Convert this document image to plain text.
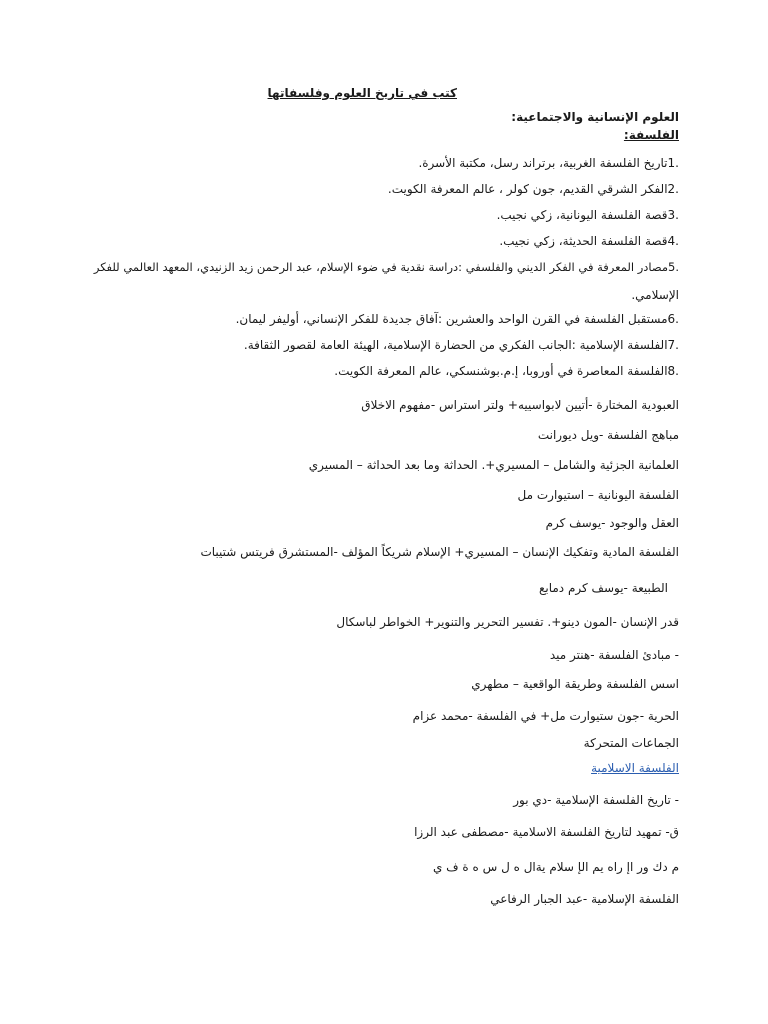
كتب في تاريخ العلوم وفلسفاتها
العلوم الإنسانية والاجتماعية:
الفلسفة:
.1تاريخ الفلسفة الغربية، برتراند رسل، مكتبة الأسرة.
.2الفكر الشرقي القديم، جون كولر ، عالم المعرفة الكويت.
.3قصة الفلسفة اليونانية، زكي نجيب.
.4قصة الفلسفة الحديثة، زكي نجيب.
.5مصادر المعرفة في الفكر الديني والفلسفي :دراسة نقدية في ضوء الإسلام، عبد الرحمن زيد الزنيدي، المعهد العالمي للفكر
الإسلامي.
.6مستقبل الفلسفة في القرن الواحد والعشرين :آفاق جديدة للفكر الإنساني، أوليفر ليمان.
.7الفلسفة الإسلامية :الجانب الفكري من الحضارة الإسلامية، الهيئة العامة لقصور الثقافة.
.8الفلسفة المعاصرة في أوروبا، إ.م.بوشنسكي، عالم المعرفة الكويت.
العبودية المختارة -أتيين لابواسييه+ ولتر استراس -مفهوم الاخلاق
مباهج الفلسفة -ويل ديورانت
العلمانية الجزئية والشامل – المسيري+. الحداثة وما بعد الحداثة – المسيري
الفلسفة اليونانية – استيوارت مل
العقل والوجود -يوسف كرم
الفلسفة المادية وتفكيك الإنسان – المسيري+ الإسلام شريكاً المؤلف -المستشرق فريتس شتيبات
الطبيعة -يوسف كرم دمابع
قدر الإنسان -المون دينو+. تفسير التحرير والتنوير+ الخواطر لباسكال
- مبادئ الفلسفة -هنتر ميد
اسس الفلسفة وطريقة الواقعية – مطهري
الحرية -جون ستيوارت مل+ في الفلسفة -محمد عزام
الجماعات المتحركة
الفلسفة الاسلامية
- تاريخ الفلسفة الإسلامية -دي بور
ق- تمهيد لتاريخ الفلسفة الاسلامية -مصطفى عبد الرزا
م دك ور اإ راه يم الإ سلام يةال ه ل س ه ة ف ي
الفلسفة الإسلامية -عبد الجبار الرفاعي
